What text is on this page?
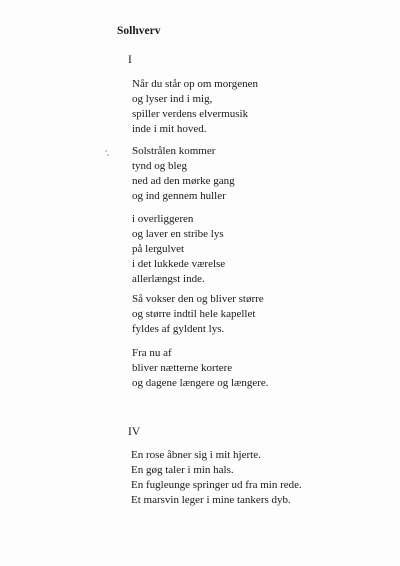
Solhverv

I

Når du står op om morgenen
og lyser ind i mig,
spiller verdens elvermusik
inde i mit hoved.
Solstrålen kommer
tynd og bleg
ned ad den mørke gang
og ind gennem huller
i overliggeren
og laver en stribe lys
på lergulvet
i det lukkede værelse
allerlængst inde.
Så vokser den og bliver større
og større indtil hele kapellet
fyldes af gyldent lys.
Fra nu af
bliver nætterne kortere
og dagene længere og længere.

IV

En rose åbner sig i mit hjerte.
En gøg taler i min hals.
En fugleunge springer ud fra min rede.
Et marsvin leger i mine tankers dyb.
